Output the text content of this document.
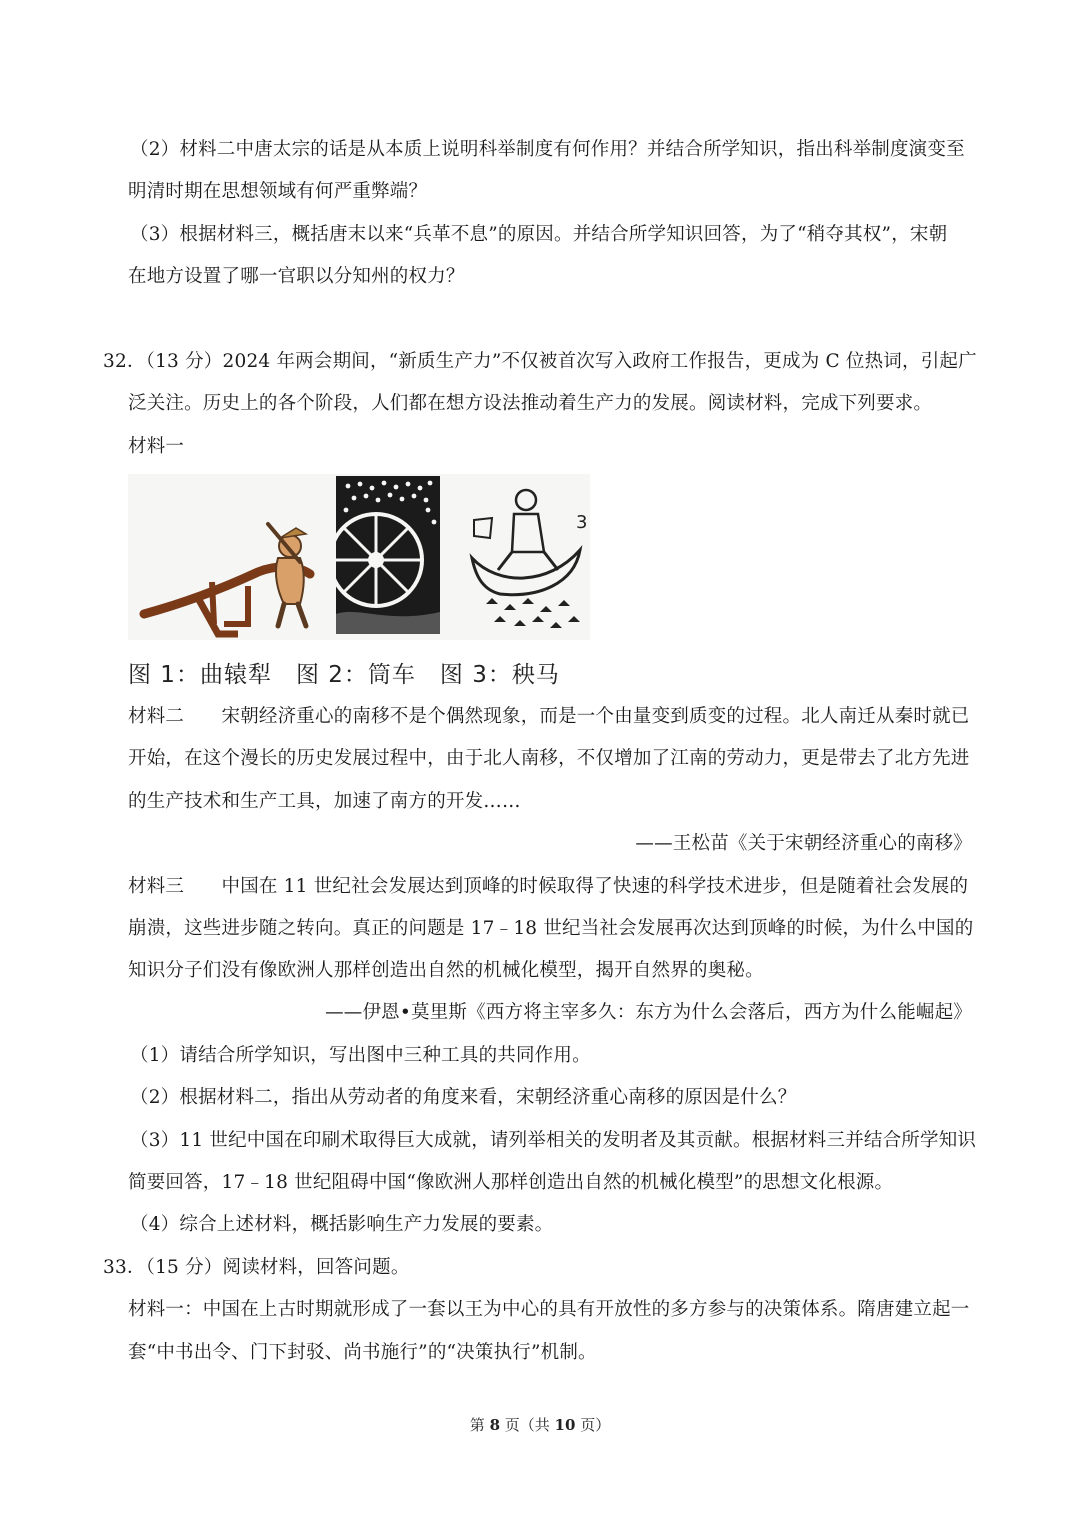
（2）材料二中唐太宗的话是从本质上说明科举制度有何作用？并结合所学知识，指出科举制度演变至
明清时期在思想领域有何严重弊端？
（3）根据材料三，概括唐末以来“兵革不息”的原因。并结合所学知识回答，为了“稍夺其权”，宋朝
在地方设置了哪一官职以分知州的权力？
32．（13 分）2024 年两会期间，“新质生产力”不仅被首次写入政府工作报告，更成为 C 位热词，引起广
泛关注。历史上的各个阶段，人们都在想方设法推动着生产力的发展。阅读材料，完成下列要求。
材料一
3
图 1：曲辕犁　图 2：筒车　图 3：秧马
材料二　　宋朝经济重心的南移不是个偶然现象，而是一个由量变到质变的过程。北人南迁从秦时就已
开始，在这个漫长的历史发展过程中，由于北人南移，不仅增加了江南的劳动力，更是带去了北方先进
的生产技术和生产工具，加速了南方的开发……
——王松苗《关于宋朝经济重心的南移》
材料三　　中国在 11 世纪社会发展达到顶峰的时候取得了快速的科学技术进步，但是随着社会发展的
崩溃，这些进步随之转向。真正的问题是 17﹣18 世纪当社会发展再次达到顶峰的时候，为什么中国的
知识分子们没有像欧洲人那样创造出自然的机械化模型，揭开自然界的奥秘。
——伊恩•莫里斯《西方将主宰多久：东方为什么会落后，西方为什么能崛起》
（1）请结合所学知识，写出图中三种工具的共同作用。
（2）根据材料二，指出从劳动者的角度来看，宋朝经济重心南移的原因是什么？
（3）11 世纪中国在印刷术取得巨大成就，请列举相关的发明者及其贡献。根据材料三并结合所学知识
简要回答，17﹣18 世纪阻碍中国“像欧洲人那样创造出自然的机械化模型”的思想文化根源。
（4）综合上述材料，概括影响生产力发展的要素。
33．（15 分）阅读材料，回答问题。
材料一：中国在上古时期就形成了一套以王为中心的具有开放性的多方参与的决策体系。隋唐建立起一
套“中书出令、门下封驳、尚书施行”的“决策执行”机制。
第 8 页（共 10 页）
